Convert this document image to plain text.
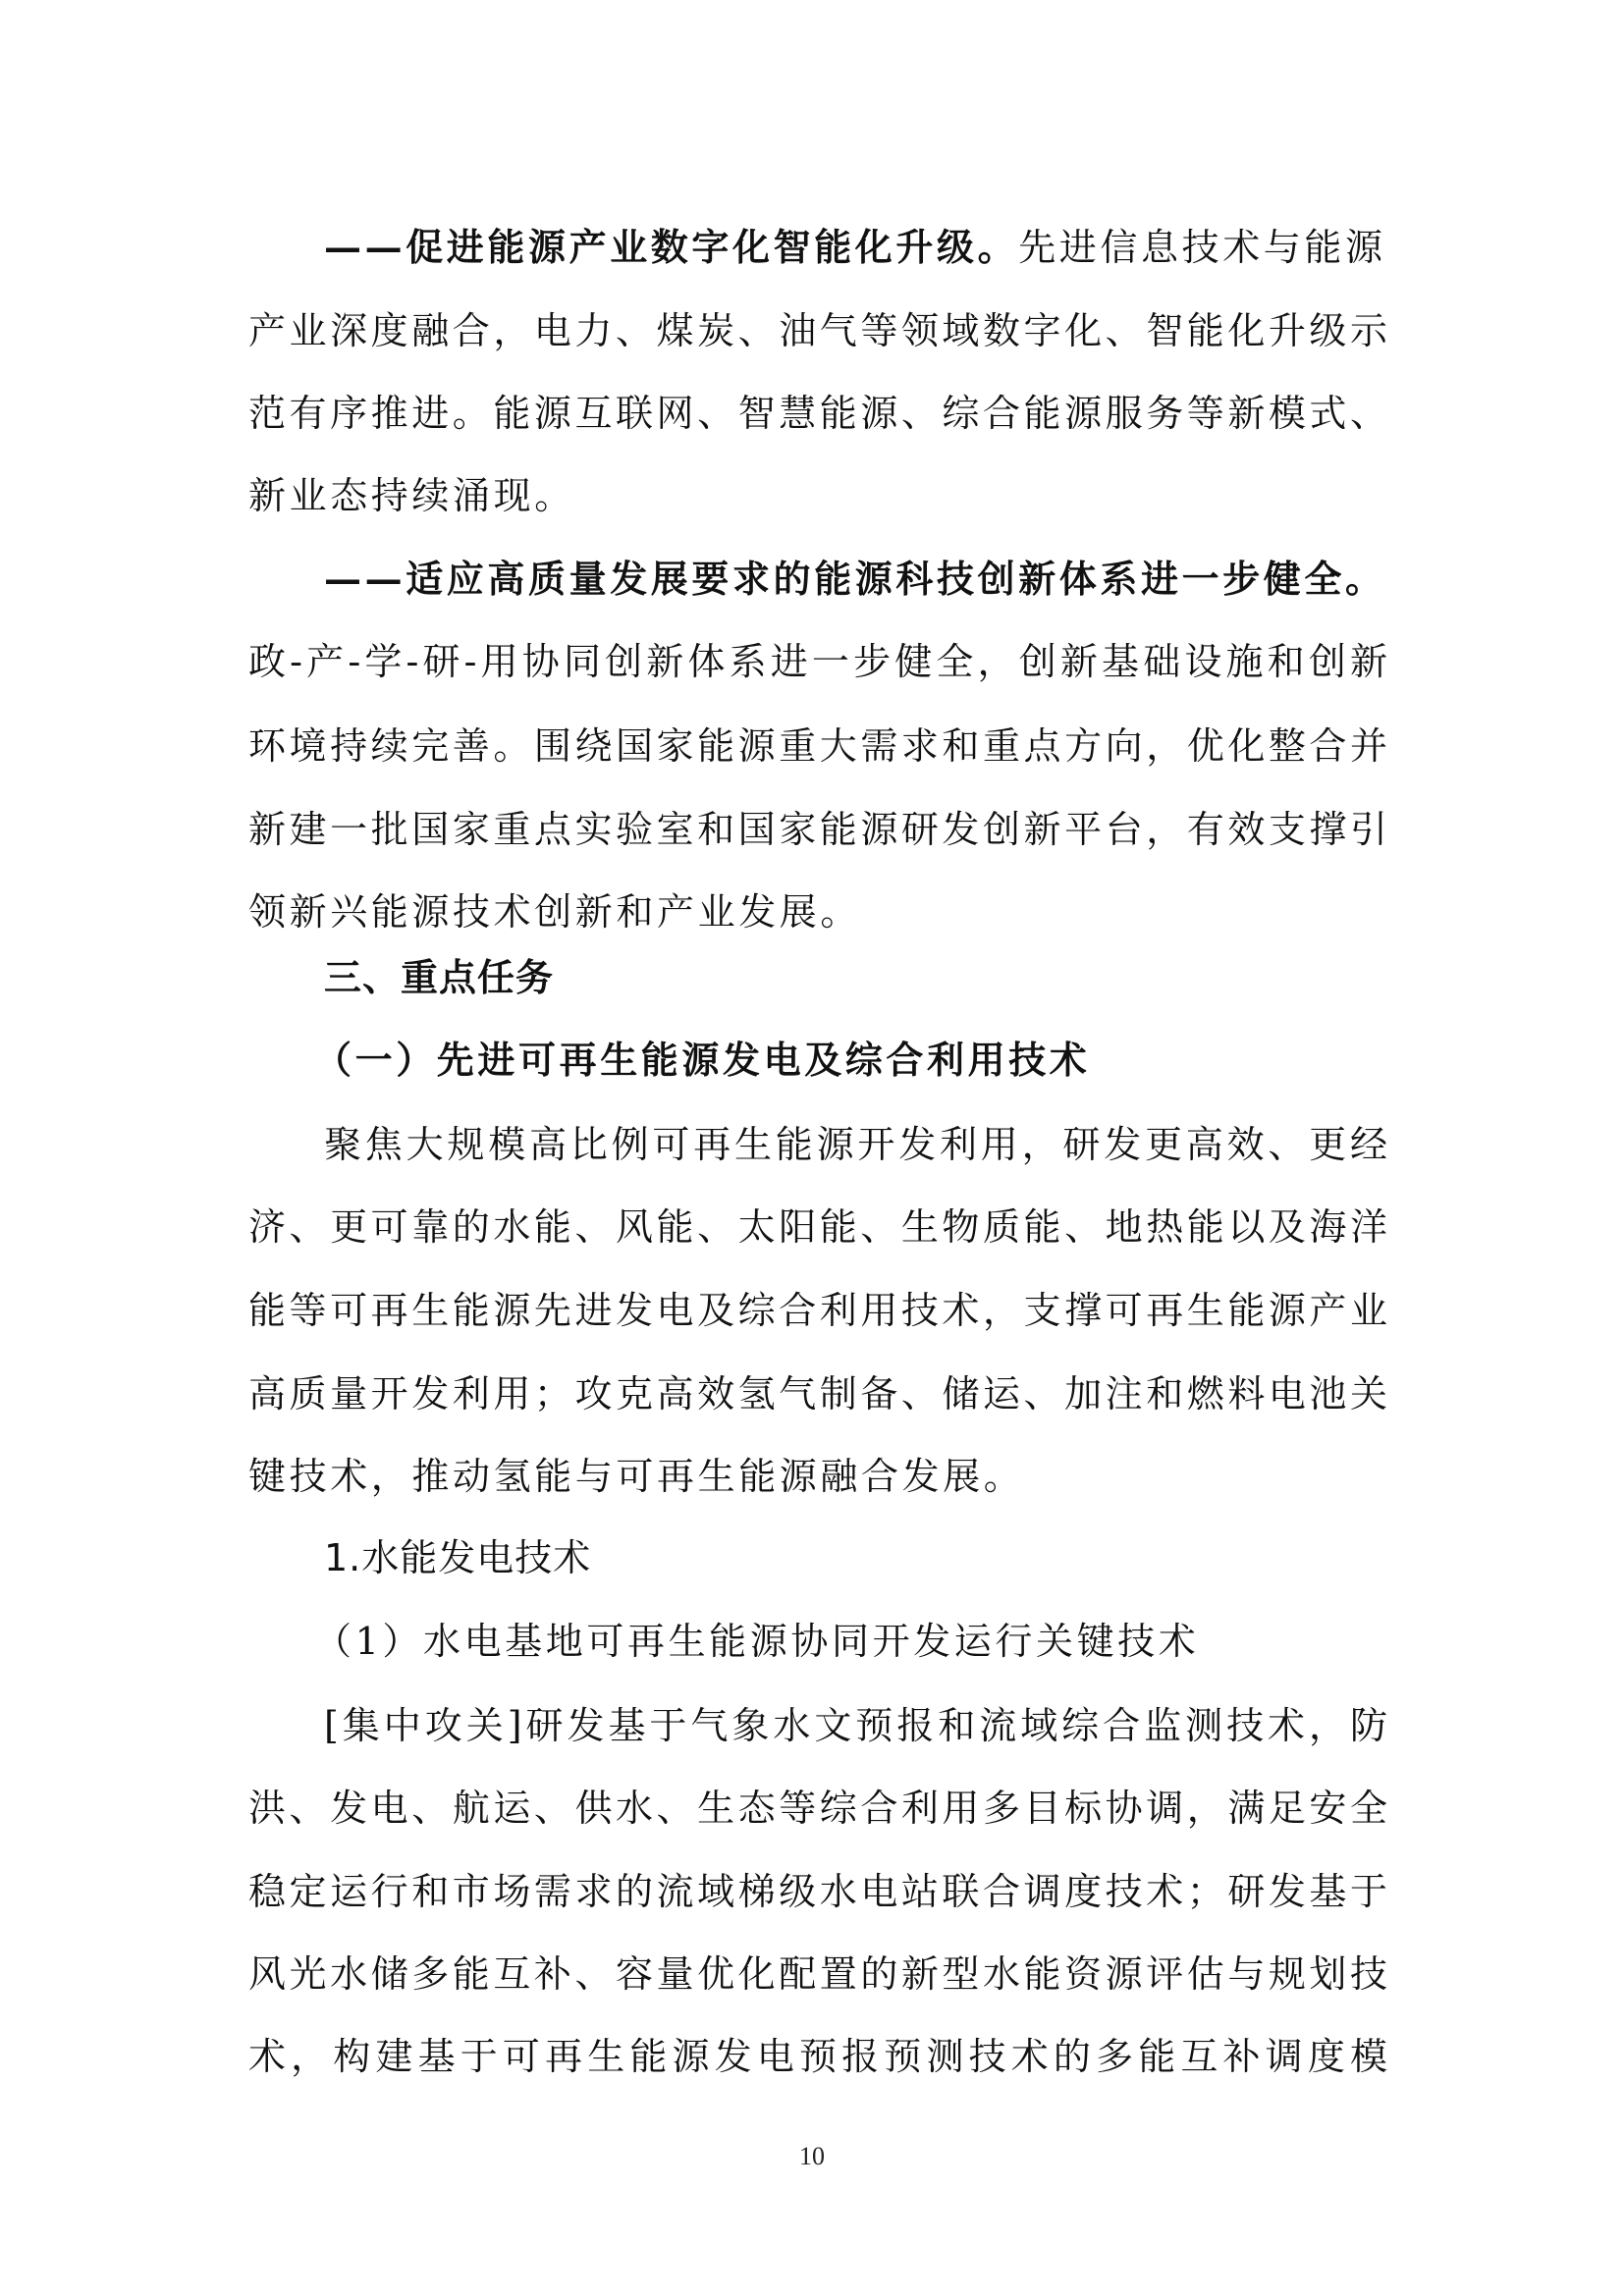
——促进能源产业数字化智能化升级。先进信息技术与能源
产业深度融合，电力、煤炭、油气等领域数字化、智能化升级示
范有序推进。能源互联网、智慧能源、综合能源服务等新模式、
新业态持续涌现。
——适应高质量发展要求的能源科技创新体系进一步健全。
政-产-学-研-用协同创新体系进一步健全，创新基础设施和创新
环境持续完善。围绕国家能源重大需求和重点方向，优化整合并
新建一批国家重点实验室和国家能源研发创新平台，有效支撑引
领新兴能源技术创新和产业发展。
三、重点任务
（一）先进可再生能源发电及综合利用技术
聚焦大规模高比例可再生能源开发利用，研发更高效、更经
济、更可靠的水能、风能、太阳能、生物质能、地热能以及海洋
能等可再生能源先进发电及综合利用技术，支撑可再生能源产业
高质量开发利用；攻克高效氢气制备、储运、加注和燃料电池关
键技术，推动氢能与可再生能源融合发展。
1.水能发电技术
（1）水电基地可再生能源协同开发运行关键技术
[集中攻关]研发基于气象水文预报和流域综合监测技术，防
洪、发电、航运、供水、生态等综合利用多目标协调，满足安全
稳定运行和市场需求的流域梯级水电站联合调度技术；研发基于
风光水储多能互补、容量优化配置的新型水能资源评估与规划技
术，构建基于可再生能源发电预报预测技术的多能互补调度模
10
